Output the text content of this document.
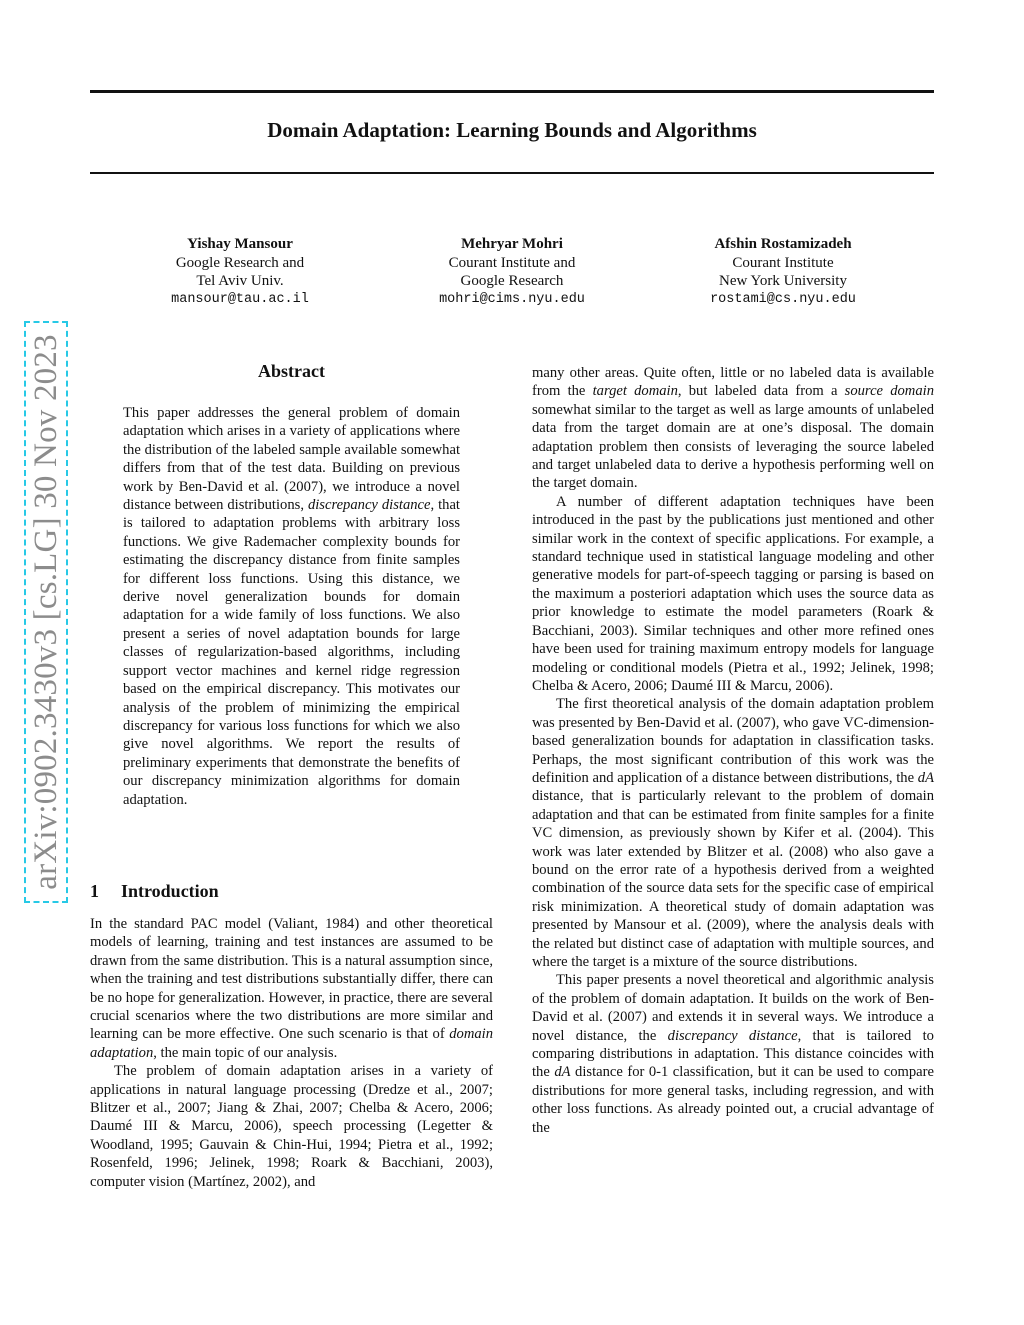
Domain Adaptation: Learning Bounds and Algorithms
Yishay Mansour
Google Research and
Tel Aviv Univ.
mansour@tau.ac.il
Mehryar Mohri
Courant Institute and
Google Research
mohri@cims.nyu.edu
Afshin Rostamizadeh
Courant Institute
New York University
rostami@cs.nyu.edu
arXiv:0902.3430v3 [cs.LG] 30 Nov 2023	Abstract

This paper addresses the general problem of domain adaptation which arises in a variety of applications where the distribution of the labeled sample available somewhat differs from that of the test data. Building on previous work by Ben-David et al. (2007), we introduce a novel distance between distributions, discrepancy distance, that is tailored to adaptation problems with arbitrary loss functions. We give Rademacher complexity bounds for estimating the discrepancy distance from finite samples for different loss functions. Using this distance, we derive novel generalization bounds for domain adaptation for a wide family of loss functions. We also present a series of novel adaptation bounds for large classes of regularization-based algorithms, including support vector machines and kernel ridge regression based on the empirical discrepancy. This motivates our analysis of the problem of minimizing the empirical discrepancy for various loss functions for which we also give novel algorithms. We report the results of preliminary experiments that demonstrate the benefits of our discrepancy minimization algorithms for domain adaptation.

1 Introduction

In the standard PAC model (Valiant, 1984) and other theoretical models of learning, training and test instances are assumed to be drawn from the same distribution. This is a natural assumption since, when the training and test distributions substantially differ, there can be no hope for generalization. However, in practice, there are several crucial scenarios where the two distributions are more similar and learning can be more effective. One such scenario is that of domain adaptation, the main topic of our analysis.

The problem of domain adaptation arises in a variety of applications in natural language processing (Dredze et al., 2007; Blitzer et al., 2007; Jiang & Zhai, 2007; Chelba & Acero, 2006; Daumé III & Marcu, 2006), speech processing (Legetter & Woodland, 1995; Gauvain & Chin-Hui, 1994; Pietra et al., 1992; Rosenfeld, 1996; Jelinek, 1998; Roark & Bacchiani, 2003), computer vision (Martínez, 2002), and

many other areas. Quite often, little or no labeled data is available from the target domain, but labeled data from a source domain somewhat similar to the target as well as large amounts of unlabeled data from the target domain are at one’s disposal. The domain adaptation problem then consists of leveraging the source labeled and target unlabeled data to derive a hypothesis performing well on the target domain.

A number of different adaptation techniques have been introduced in the past by the publications just mentioned and other similar work in the context of specific applications. For example, a standard technique used in statistical language modeling and other generative models for part-of-speech tagging or parsing is based on the maximum a posteriori adaptation which uses the source data as prior knowledge to estimate the model parameters (Roark & Bacchiani, 2003). Similar techniques and other more refined ones have been used for training maximum entropy models for language modeling or conditional models (Pietra et al., 1992; Jelinek, 1998; Chelba & Acero, 2006; Daumé III & Marcu, 2006).

The first theoretical analysis of the domain adaptation problem was presented by Ben-David et al. (2007), who gave VC-dimension-based generalization bounds for adaptation in classification tasks. Perhaps, the most significant contribution of this work was the definition and application of a distance between distributions, the dA distance, that is particularly relevant to the problem of domain adaptation and that can be estimated from finite samples for a finite VC dimension, as previously shown by Kifer et al. (2004). This work was later extended by Blitzer et al. (2008) who also gave a bound on the error rate of a hypothesis derived from a weighted combination of the source data sets for the specific case of empirical risk minimization. A theoretical study of domain adaptation was presented by Mansour et al. (2009), where the analysis deals with the related but distinct case of adaptation with multiple sources, and where the target is a mixture of the source distributions.

This paper presents a novel theoretical and algorithmic analysis of the problem of domain adaptation. It builds on the work of Ben-David et al. (2007) and extends it in several ways. We introduce a novel distance, the discrepancy distance, that is tailored to comparing distributions in adaptation. This distance coincides with the dA distance for 0-1 classification, but it can be used to compare distributions for more general tasks, including regression, and with other loss functions. As already pointed out, a crucial advantage of the
